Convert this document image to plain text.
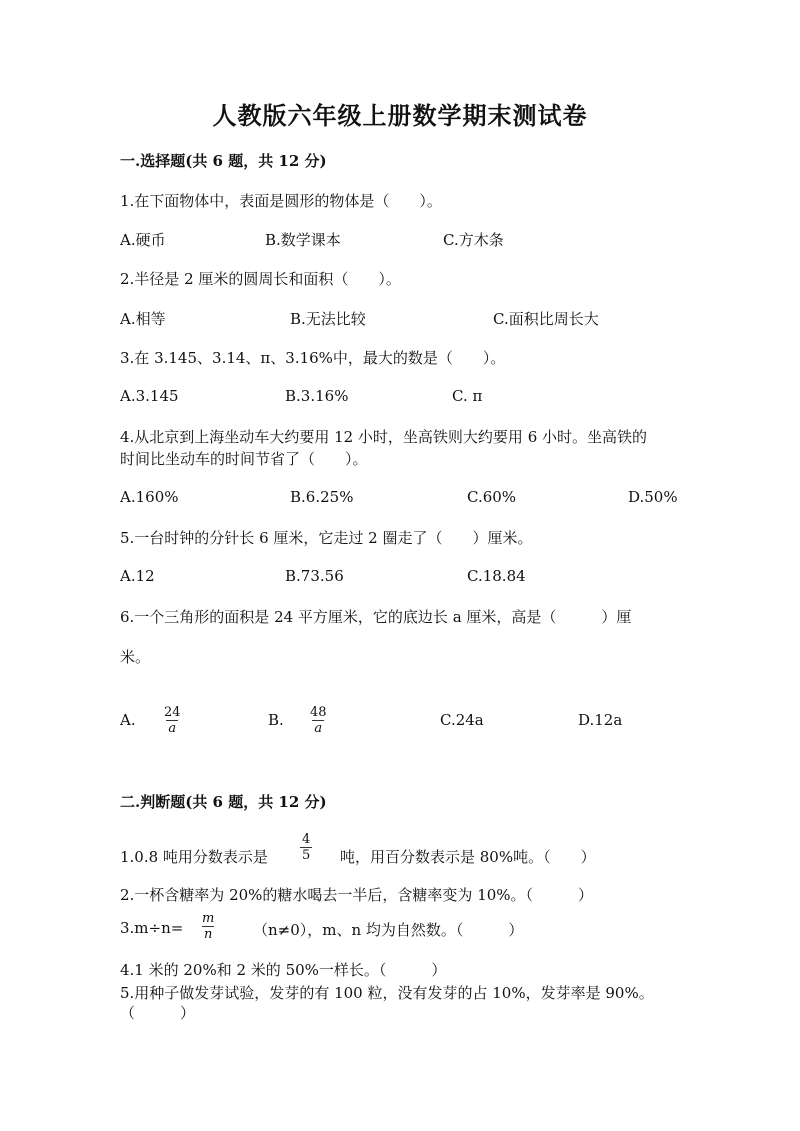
人教版六年级上册数学期末测试卷
一.选择题(共 6 题，共 12 分)
1.在下面物体中，表面是圆形的物体是（　　）。
A.硬币	B.数学课本	C.方木条
2.半径是 2 厘米的圆周长和面积（　　）。
A.相等	B.无法比较	C.面积比周长大
3.在 3.145、3.14、π、3.16%中，最大的数是（　　）。
A.3.145	B.3.16%	C. π
4.从北京到上海坐动车大约要用 12 小时，坐高铁则大约要用 6 小时。坐高铁的
时间比坐动车的时间节省了（　　）。
A.160%	B.6.25%	C.60%	D.50%
5.一台时钟的分针长 6 厘米，它走过 2 圈走了（　　）厘米。
A.12	B.73.56	C.18.84
6.一个三角形的面积是 24 平方厘米，它的底边长 a 厘米，高是（　　　）厘
米。
A. $\frac{24}{a}$	B. $\frac{48}{a}$	C.24a	D.12a
二.判断题(共 6 题，共 12 分)
1.0.8 吨用分数表示是 $\frac{4}{5}$ 吨，用百分数表示是 80%吨。（　　）
2.一杯含糖率为 20%的糖水喝去一半后，含糖率变为 10%。（　　　）
$3.m\div n= \frac{m}{n} (n\ne 0)$，m、n 均为自然数。（　　　）
4.1 米的 20%和 2 米的 50%一样长。（　　　）
5.用种子做发芽试验，发芽的有 100 粒，没有发芽的占 10%，发芽率是 90%。
（　　　）
